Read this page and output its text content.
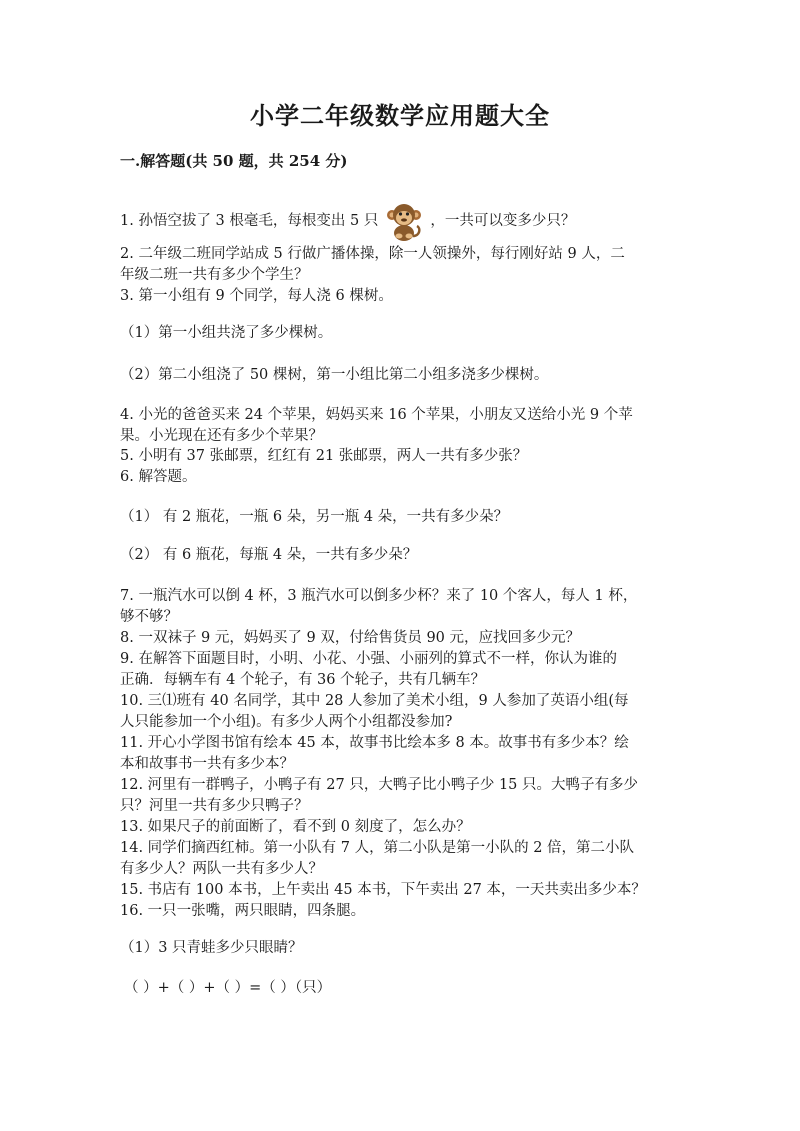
小学二年级数学应用题大全
一.解答题(共 50 题，共 254 分)
1. 孙悟空拔了 3 根毫毛，每根变出 5 只	，一共可以变多少只？
2. 二年级二班同学站成 5 行做广播体操，除一人领操外，每行刚好站 9 人，二
年级二班一共有多少个学生？
3. 第一小组有 9 个同学，每人浇 6 棵树。
（1）第一小组共浇了多少棵树。
（2）第二小组浇了 50 棵树，第一小组比第二小组多浇多少棵树。
4. 小光的爸爸买来 24 个苹果，妈妈买来 16 个苹果，小朋友又送给小光 9 个苹
果。小光现在还有多少个苹果？
5. 小明有 37 张邮票，红红有 21 张邮票，两人一共有多少张？
6. 解答题。
（1） 有 2 瓶花，一瓶 6 朵，另一瓶 4 朵，一共有多少朵？
（2） 有 6 瓶花，每瓶 4 朵，一共有多少朵？
7. 一瓶汽水可以倒 4 杯，3 瓶汽水可以倒多少杯？来了 10 个客人，每人 1 杯，
够不够？
8. 一双袜子 9 元，妈妈买了 9 双，付给售货员 90 元，应找回多少元？
9. 在解答下面题目时，小明、小花、小强、小丽列的算式不一样，你认为谁的
正确．每辆车有 4 个轮子，有 36 个轮子，共有几辆车？
10. 三⑴班有 40 名同学，其中 28 人参加了美术小组，9 人参加了英语小组(每
人只能参加一个小组)。有多少人两个小组都没参加?
11. 开心小学图书馆有绘本 45 本，故事书比绘本多 8 本。故事书有多少本？绘
本和故事书一共有多少本？
12. 河里有一群鸭子，小鸭子有 27 只，大鸭子比小鸭子少 15 只。大鸭子有多少
只？河里一共有多少只鸭子？
13. 如果尺子的前面断了，看不到 0 刻度了，怎么办？
14. 同学们摘西红柿。第一小队有 7 人，第二小队是第一小队的 2 倍，第二小队
有多少人？两队一共有多少人？
15. 书店有 100 本书，上午卖出 45 本书，下午卖出 27 本，一天共卖出多少本？
16. 一只一张嘴，两只眼睛，四条腿。
（1）3 只青蛙多少只眼睛？
（ ）+（ ）+（ ）=（ ）（只）
